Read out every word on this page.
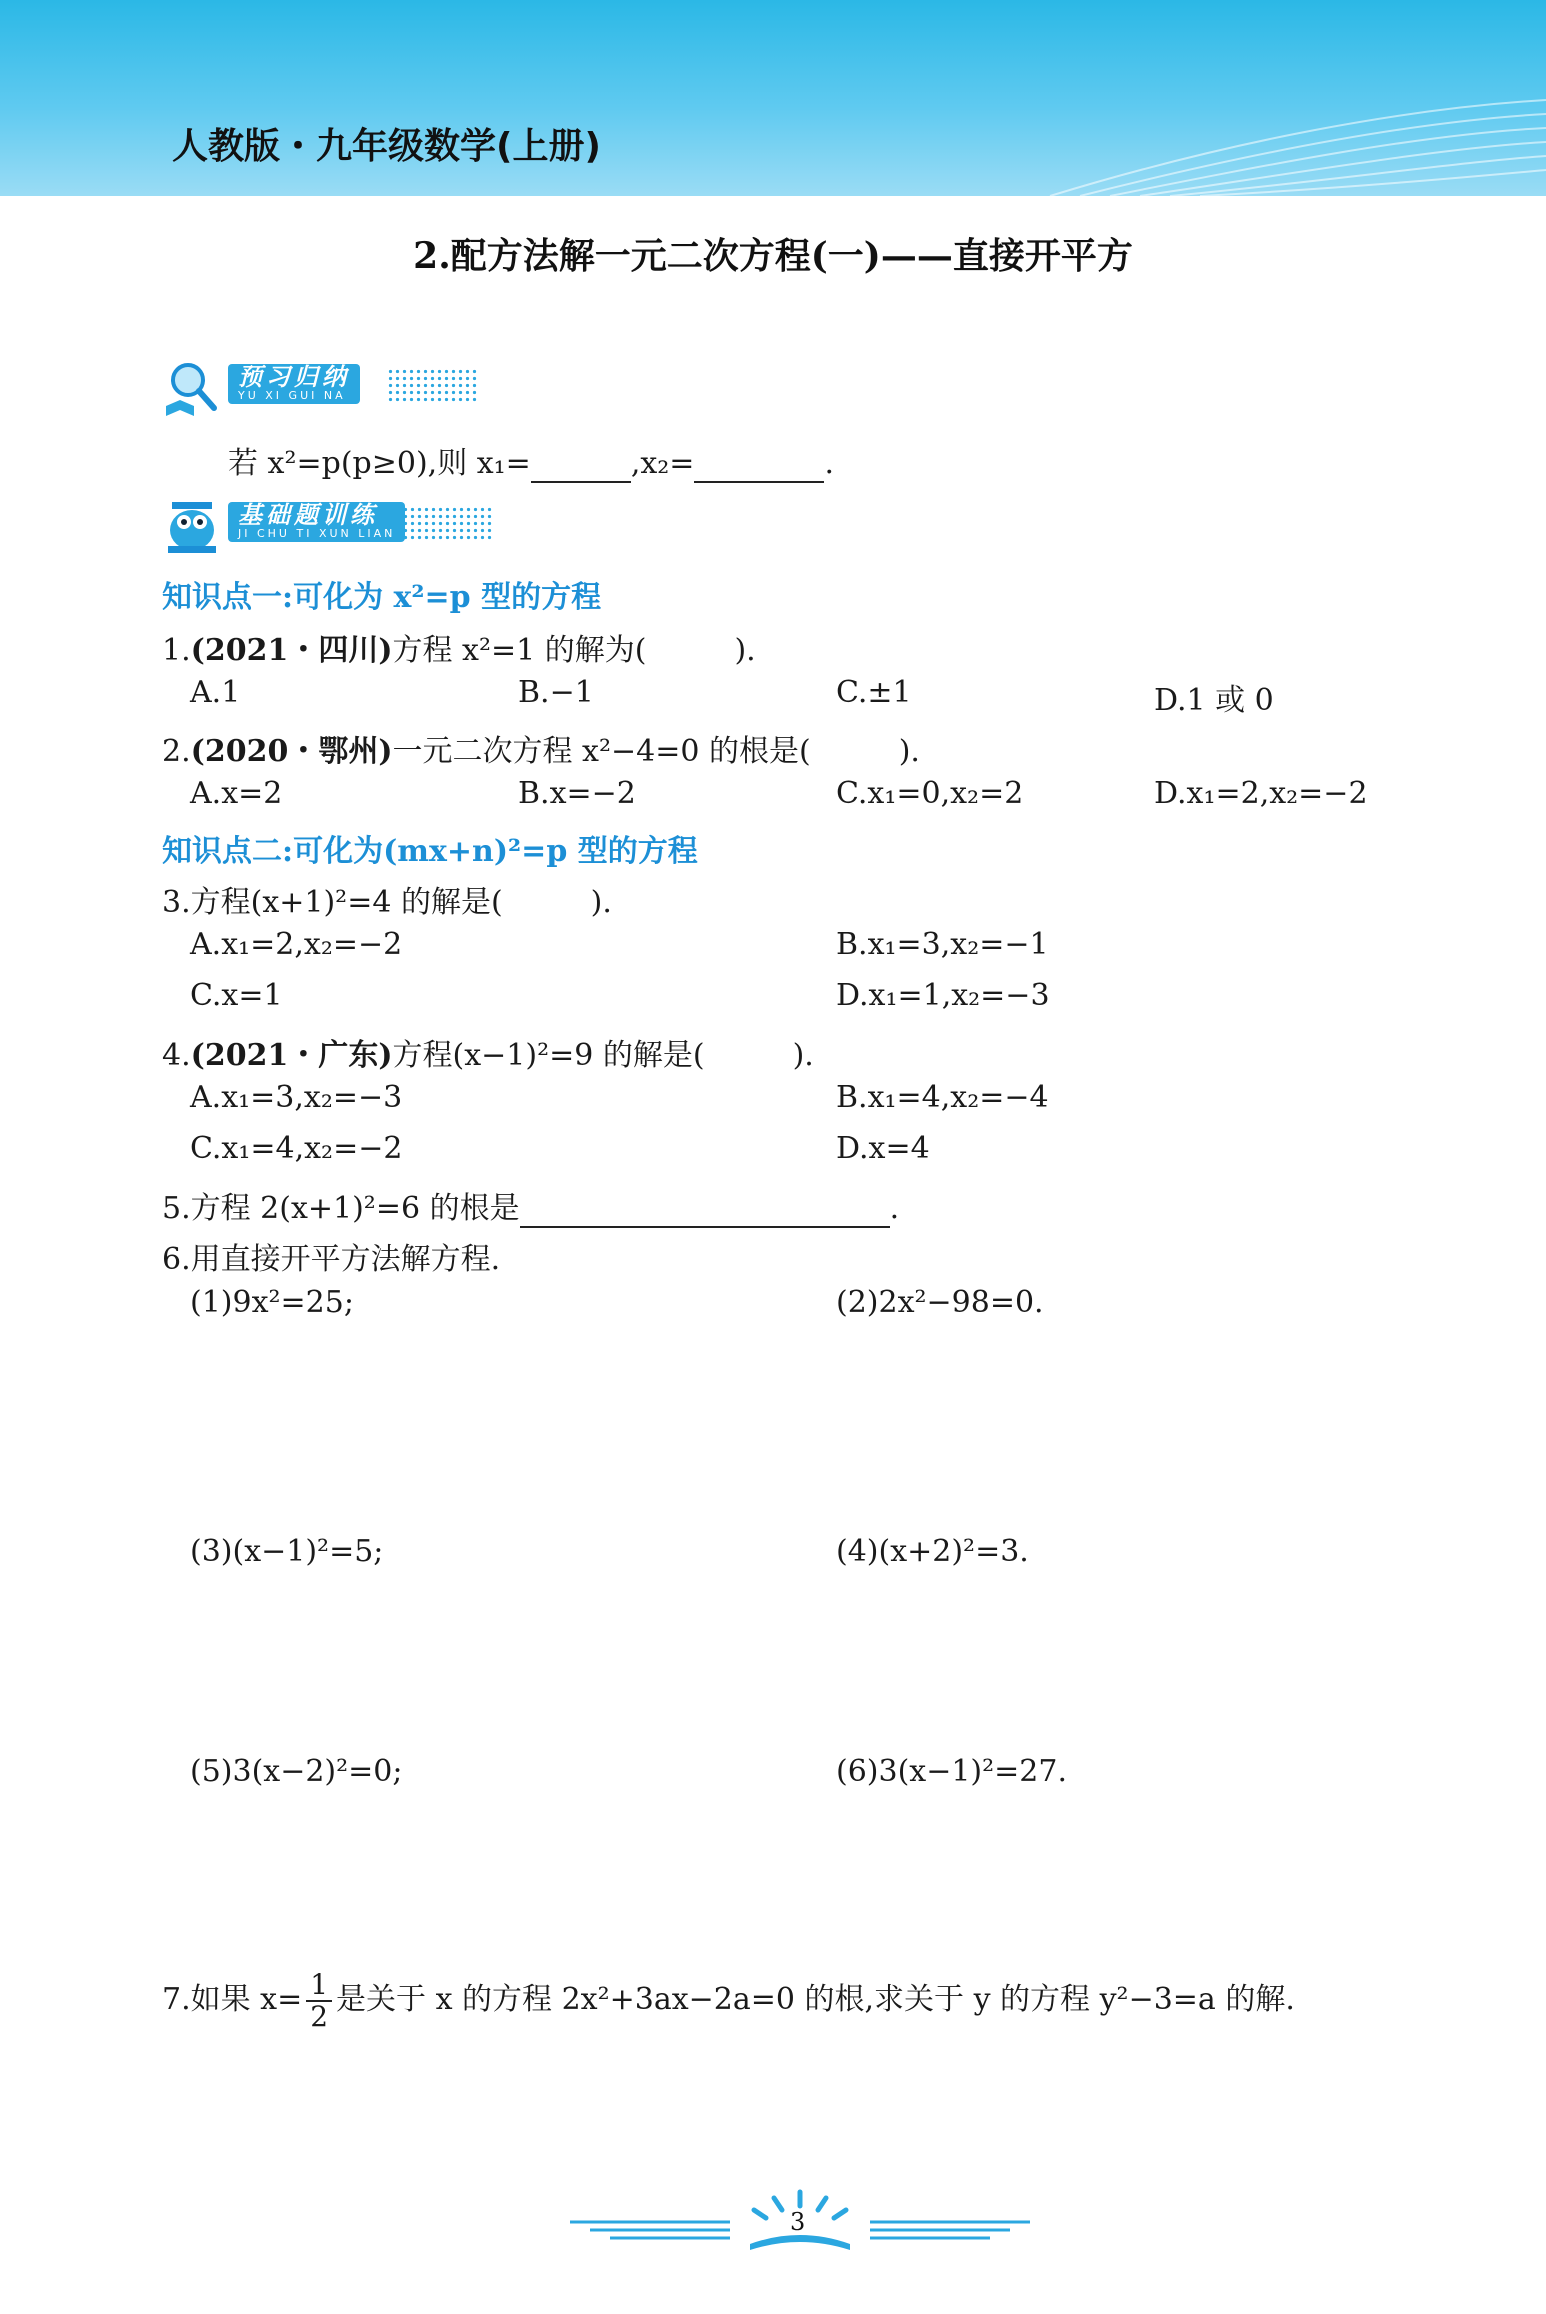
人教版・九年级数学(上册)
2.配方法解一元二次方程(一)——直接开平方
预习归纳
YU XI GUI NA
若 x²=p(p≥0),则 x₁=	,x₂=	.
基础题训练
JI CHU TI XUN LIAN
知识点一:可化为 x²=p 型的方程
1.(2021・四川)方程 x²=1 的解为(	).
A.1	B.−1	C.±1	D.1 或 0
2.(2020・鄂州)一元二次方程 x²−4=0 的根是(	).
A.x=2	B.x=−2	C.x₁=0,x₂=2	D.x₁=2,x₂=−2
知识点二:可化为(mx+n)²=p 型的方程
3.方程(x+1)²=4 的解是(	).
A.x₁=2,x₂=−2	B.x₁=3,x₂=−1
C.x=1	D.x₁=1,x₂=−3
4.(2021・广东)方程(x−1)²=9 的解是(	).
A.x₁=3,x₂=−3	B.x₁=4,x₂=−4
C.x₁=4,x₂=−2	D.x=4
5.方程 2(x+1)²=6 的根是	.
6.用直接开平方法解方程.
(1)9x²=25;	(2)2x²−98=0.
(3)(x−1)²=5;	(4)(x+2)²=3.
(5)3(x−2)²=0;	(6)3(x−1)²=27.
7.如果 $x= \frac{1}{2}$ 是关于 x 的方程 2x²+3ax−2a=0 的根,求关于 y 的方程 y²−3=a 的解.
3
